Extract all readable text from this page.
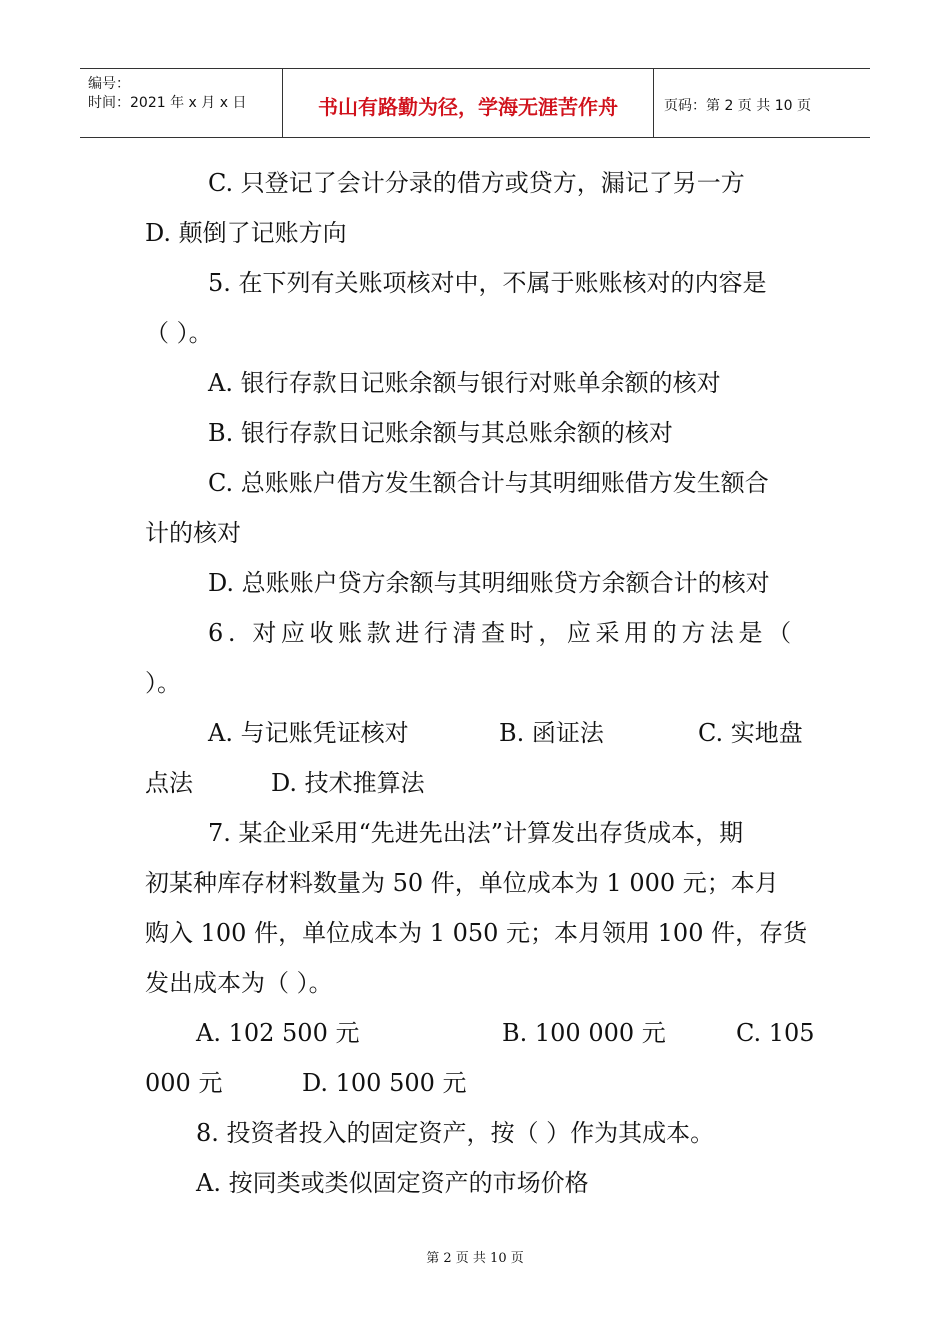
编号：
时间：2021 年 x 月 x 日	书山有路勤为径，学海无涯苦作舟	页码：第 2 页 共 10 页
C. 只登记了会计分录的借方或贷方，漏记了另一方
D. 颠倒了记账方向
5. 在下列有关账项核对中，不属于账账核对的内容是
（ ）。
A. 银行存款日记账余额与银行对账单余额的核对
B. 银行存款日记账余额与其总账余额的核对
C. 总账账户借方发生额合计与其明细账借方发生额合
计的核对
D. 总账账户贷方余额与其明细账贷方余额合计的核对
6. 对应收账款进行清查时，应采用的方法是（
）。
A. 与记账凭证核对	B. 函证法	C. 实地盘
点法	D. 技术推算法
7. 某企业采用“先进先出法”计算发出存货成本，期
初某种库存材料数量为 50 件，单位成本为 1 000 元；本月
购入 100 件，单位成本为 1 050 元；本月领用 100 件，存货
发出成本为（ ）。
A. 102 500 元	B. 100 000 元	C. 105
000 元	D. 100 500 元
8. 投资者投入的固定资产，按（ ）作为其成本。
A. 按同类或类似固定资产的市场价格
第 2 页 共 10 页
